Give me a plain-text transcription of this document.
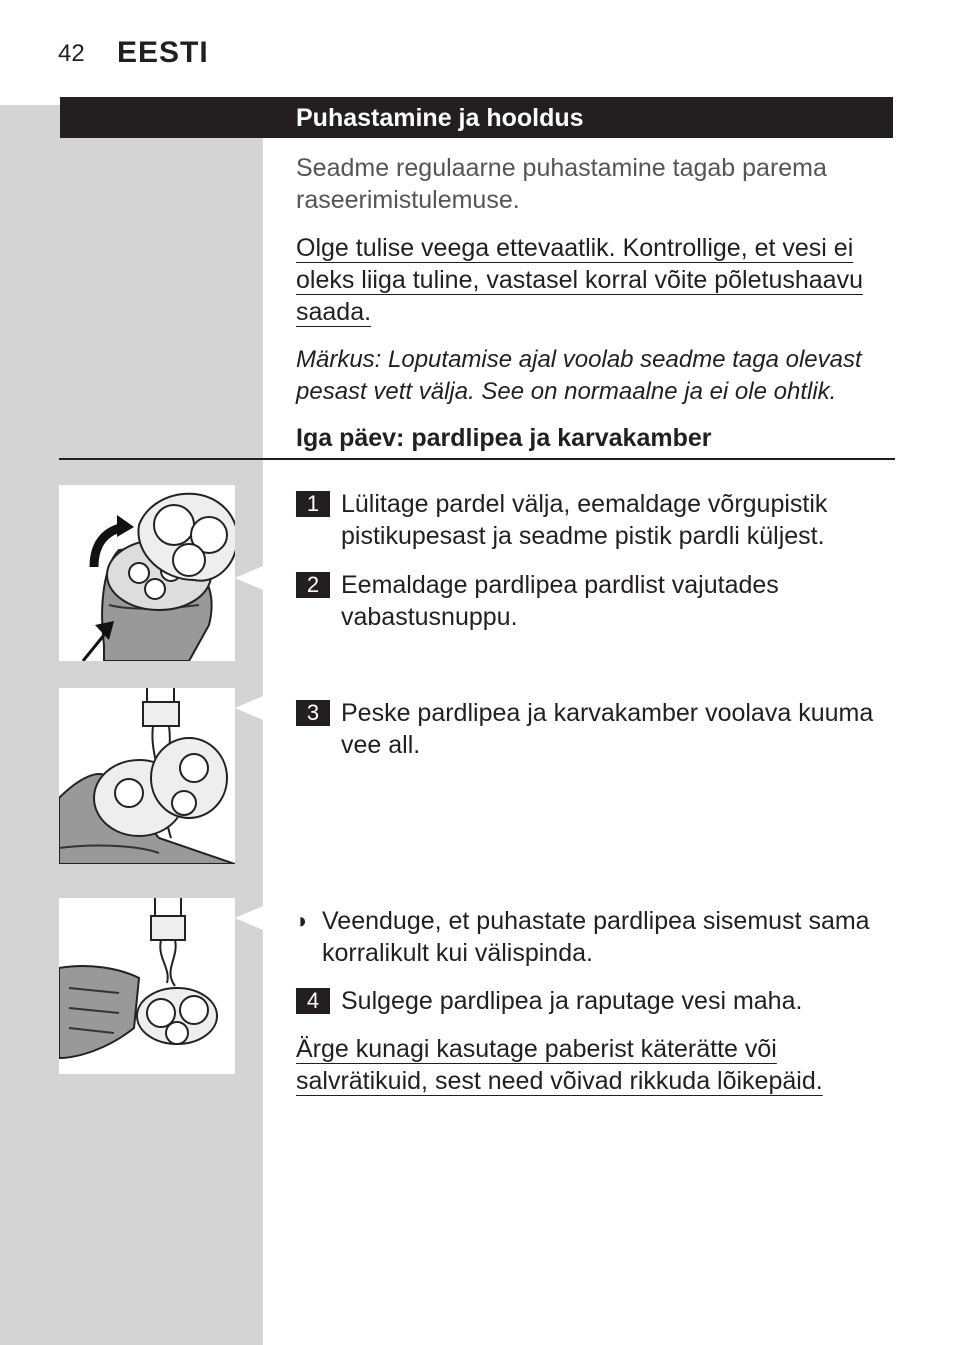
42 EESTI
Puhastamine ja hooldus
Seadme regulaarne puhastamine tagab parema
raseerimistulemuse.
Olge tulise veega ettevaatlik. Kontrollige, et vesi ei
oleks liiga tuline, vastasel korral võite põletushaavu
saada.
Märkus: Loputamise ajal voolab seadme taga olevast
pesast vett välja. See on normaalne ja ei ole ohtlik.
Iga päev: pardlipea ja karvakamber
1 Lülitage pardel välja, eemaldage võrgupistik
pistikupesast ja seadme pistik pardli küljest.
2 Eemaldage pardlipea pardlist vajutades
vabastusnuppu.
3 Peske pardlipea ja karvakamber voolava kuuma
vee all.
◗ Veenduge, et puhastate pardlipea sisemust sama
korralikult kui välispinda.
4 Sulgege pardlipea ja raputage vesi maha.
Ärge kunagi kasutage paberist käterätte või
salvrätikuid, sest need võivad rikkuda lõikepäid.
